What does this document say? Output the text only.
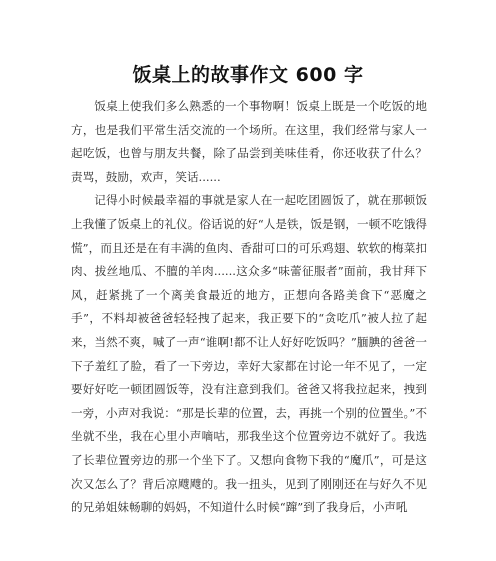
饭桌上的故事作文 600 字

饭桌上使我们多么熟悉的一个事物啊！饭桌上既是一个吃饭的地方，也是我们平常生活交流的一个场所。在这里，我们经常与家人一起吃饭，也曾与朋友共餐，除了品尝到美味佳肴，你还收获了什么？责骂，鼓励，欢声，笑话......

记得小时候最幸福的事就是家人在一起吃团圆饭了，就在那顿饭上我懂了饭桌上的礼仪。俗话说的好“人是铁，饭是钢，一顿不吃饿得慌”，而且还是在有丰满的鱼肉、香甜可口的可乐鸡翅、软软的梅菜扣肉、拔丝地瓜、不膻的羊肉......这众多“味蕾征服者”面前，我甘拜下风，赶紧挑了一个离美食最近的地方，正想向各路美食下“恶魔之手”，不料却被爸爸轻轻拽了起来，我正要下的“贪吃爪”被人拉了起来，当然不爽，喊了一声“谁啊!都不让人好好吃饭吗？”腼腆的爸爸一下子羞红了脸，看了一下旁边，幸好大家都在讨论一年不见了，一定要好好吃一顿团圆饭等，没有注意到我们。爸爸又将我拉起来，拽到一旁，小声对我说：“那是长辈的位置，去，再挑一个别的位置坐。”不坐就不坐，我在心里小声嘀咕，那我坐这个位置旁边不就好了。我选了长辈位置旁边的那一个坐下了。又想向食物下我的“魔爪”，可是这次又怎么了？背后凉飕飕的。我一扭头，见到了刚刚还在与好久不见的兄弟姐妹畅聊的妈妈，不知道什么时候“蹿”到了我身后，小声吼
